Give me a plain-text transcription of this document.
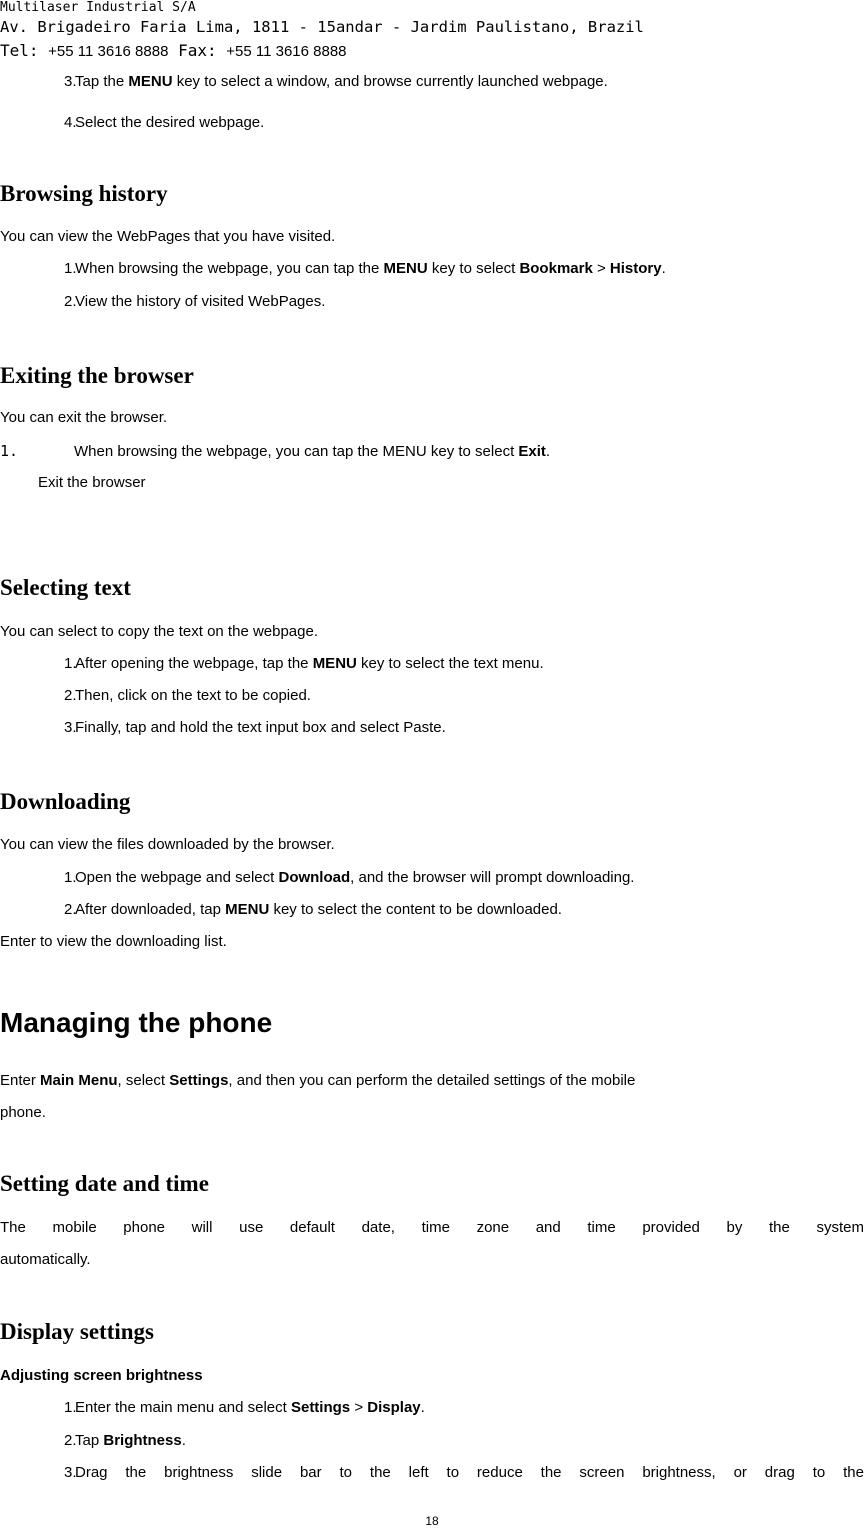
Multilaser Industrial S/A
Av. Brigadeiro Faria Lima, 1811 - 15andar - Jardim Paulistano, Brazil
Tel: +55 11 3616 8888 Fax: +55 11 3616 8888
3.
Tap the MENU key to select a window, and browse currently launched webpage.
4.
Select the desired webpage.
Browsing history
You can view the WebPages that you have visited.
1.
When browsing the webpage, you can tap the MENU key to select Bookmark > History.
2.
View the history of visited WebPages.
Exiting the browser
You can exit the browser.
1.	When browsing the webpage, you can tap the MENU key to select Exit.
Exit the browser
Selecting text
You can select to copy the text on the webpage.
1.
After opening the webpage, tap the MENU key to select the text menu.
2.
Then, click on the text to be copied.
3.
Finally, tap and hold the text input box and select Paste.
Downloading
You can view the files downloaded by the browser.
1.
Open the webpage and select Download, and the browser will prompt downloading.
2.
After downloaded, tap MENU key to select the content to be downloaded.
Enter to view the downloading list.
Managing the phone
Enter Main Menu, select Settings, and then you can perform the detailed settings of the mobile
phone.
Setting date and time
The mobile phone will use default date, time zone and time provided by the system
automatically.
Display settings
Adjusting screen brightness
1.
Enter the main menu and select Settings > Display.
2.
Tap Brightness.
3.
Drag the brightness slide bar to the left to reduce the screen brightness, or drag to the
18
